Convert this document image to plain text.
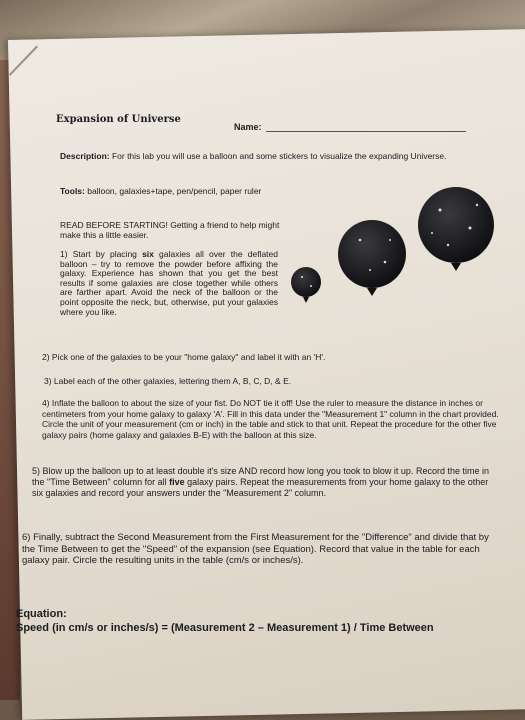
Expansion of Universe
Name:
Description: For this lab you will use a balloon and some stickers to visualize the expanding Universe.
Tools: balloon, galaxies+tape, pen/pencil, paper ruler
READ BEFORE STARTING! Getting a friend to help might make this a little easier.
1) Start by placing six galaxies all over the deflated balloon – try to remove the powder before affixing the galaxy. Experience has shown that you get the best results if some galaxies are close together while others are farther apart. Avoid the neck of the balloon or the point opposite the neck, but, otherwise, put your galaxies where you like.
2) Pick one of the galaxies to be your "home galaxy" and label it with an 'H'.
3) Label each of the other galaxies, lettering them A, B, C, D, & E.
4) Inflate the balloon to about the size of your fist. Do NOT tie it off! Use the ruler to measure the distance in inches or centimeters from your home galaxy to galaxy 'A'. Fill in this data under the "Measurement 1" column in the chart provided. Circle the unit of your measurement (cm or inch) in the table and stick to that unit. Repeat the procedure for the other five galaxy pairs (home galaxy and galaxies B-E) with the balloon at this size.
5) Blow up the balloon up to at least double it's size AND record how long you took to blow it up. Record the time in the "Time Between" column for all five galaxy pairs. Repeat the measurements from your home galaxy to the other six galaxies and record your answers under the "Measurement 2" column.
6) Finally, subtract the Second Measurement from the First Measurement for the "Difference" and divide that by the Time Between to get the "Speed" of the expansion (see Equation). Record that value in the table for each galaxy pair. Circle the resulting units in the table (cm/s or inches/s).
Equation:
Speed (in cm/s or inches/s) = (Measurement 2 – Measurement 1) / Time Between
